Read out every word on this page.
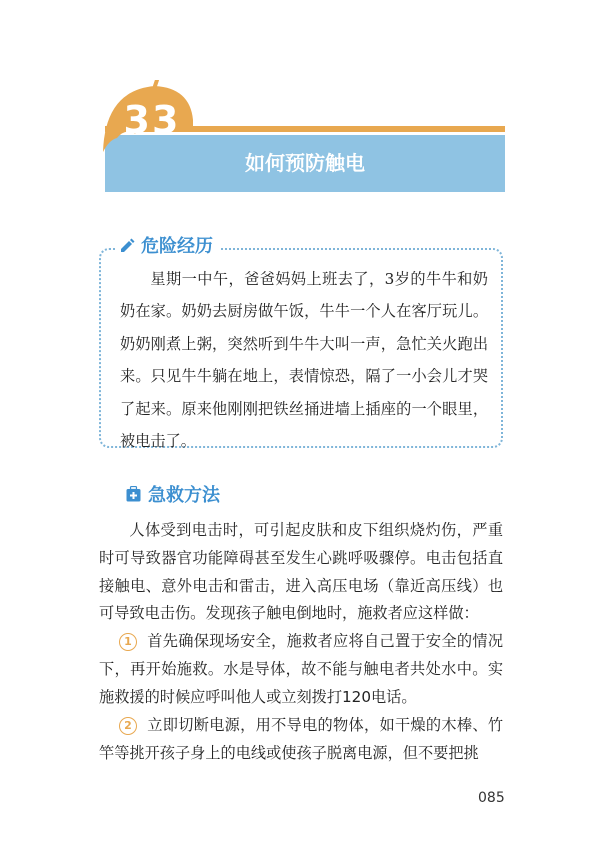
33
如何预防触电
危险经历

星期一中午，爸爸妈妈上班去了，3岁的牛牛和奶奶在家。奶奶去厨房做午饭，牛牛一个人在客厅玩儿。奶奶刚煮上粥，突然听到牛牛大叫一声，急忙关火跑出来。只见牛牛躺在地上，表情惊恐，隔了一小会儿才哭了起来。原来他刚刚把铁丝捅进墙上插座的一个眼里，被电击了。

急救方法

人体受到电击时，可引起皮肤和皮下组织烧灼伤，严重时可导致器官功能障碍甚至发生心跳呼吸骤停。电击包括直接触电、意外电击和雷击，进入高压电场（靠近高压线）也可导致电击伤。发现孩子触电倒地时，施救者应这样做：

1 首先确保现场安全，施救者应将自己置于安全的情况下，再开始施救。水是导体，故不能与触电者共处水中。实施救援的时候应呼叫他人或立刻拨打120电话。

2 立即切断电源，用不导电的物体，如干燥的木棒、竹竿等挑开孩子身上的电线或使孩子脱离电源，但不要把挑

085
